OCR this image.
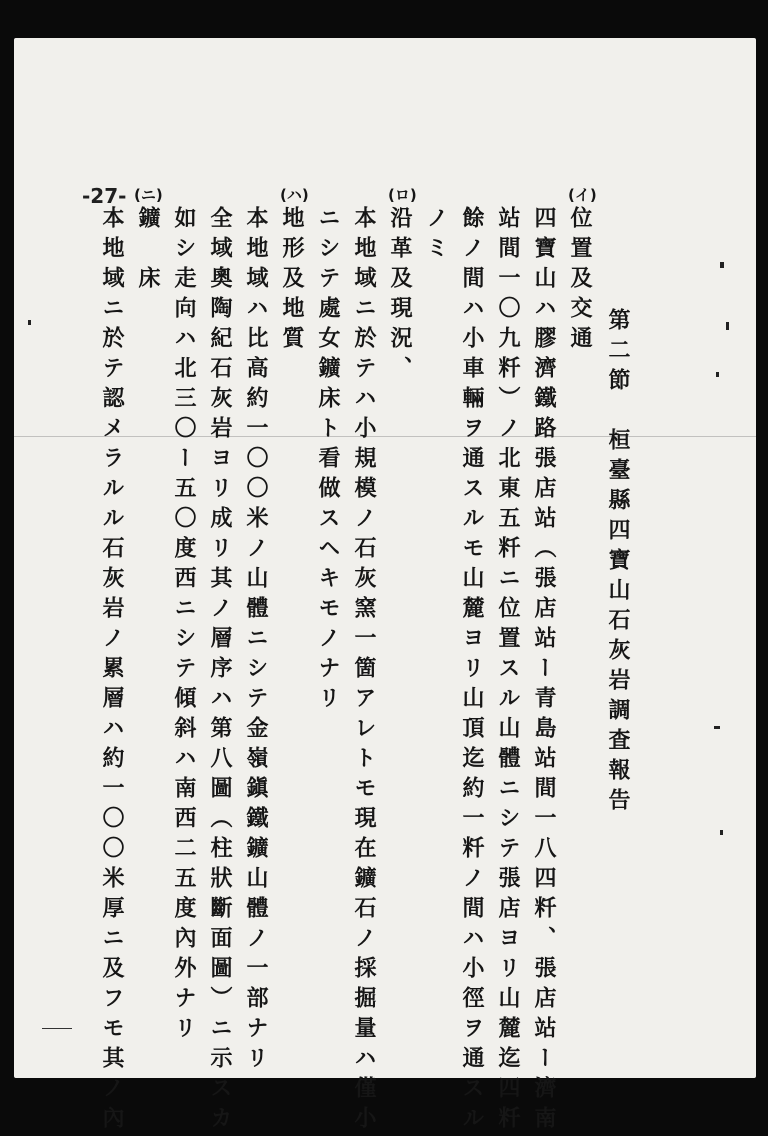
第二節　桓臺縣四寶山石灰岩調査報告
(イ)
位置及交通
四寶山ハ膠濟鐵路張店站（張店站ー青島站間一八四粁、張店站ー濟南
站間一〇九粁）ノ北東五粁ニ位置スル山體ニシテ張店ヨリ山麓迄四粁
餘ノ間ハ小車輛ヲ通スルモ山麓ヨリ山頂迄約一粁ノ間ハ小徑ヲ通スル
ノミ
(ロ)
沿革及現況、
本地域ニ於テハ小規模ノ石灰窯一箇アレトモ現在鑛石ノ採掘量ハ僅小
ニシテ處女鑛床ト看做スヘキモノナリ
(ハ)
地形及地質
本地域ハ比高約一〇〇米ノ山體ニシテ金嶺鎭鐵鑛山體ノ一部ナリ
全域奧陶紀石灰岩ヨリ成リ其ノ層序ハ第八圖（柱狀斷面圖）ニ示スカ
如シ走向ハ北三〇ー五〇度西ニシテ傾斜ハ南西二五度內外ナリ
(ニ)
鑛　床
本地域ニ於テ認メラルル石灰岩ノ累層ハ約一〇〇米厚ニ及フモ其ノ內
-27-
